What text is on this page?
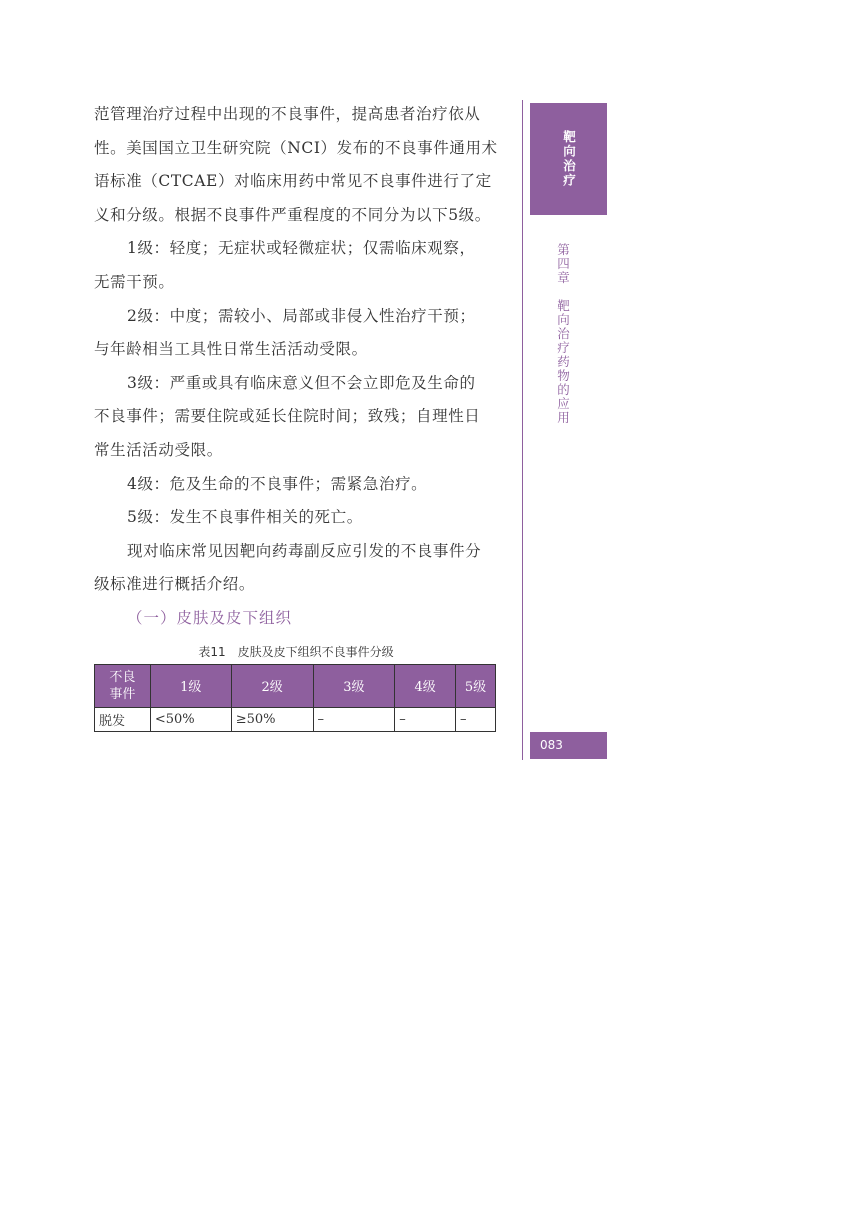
范管理治疗过程中出现的不良事件，提高患者治疗依从
性。美国国立卫生研究院（NCI）发布的不良事件通用术
语标准（CTCAE）对临床用药中常见不良事件进行了定
义和分级。根据不良事件严重程度的不同分为以下5级。
1级：轻度；无症状或轻微症状；仅需临床观察，
无需干预。
2级：中度；需较小、局部或非侵入性治疗干预；
与年龄相当工具性日常生活活动受限。
3级：严重或具有临床意义但不会立即危及生命的
不良事件；需要住院或延长住院时间；致残；自理性日
常生活活动受限。
4级：危及生命的不良事件；需紧急治疗。
5级：发生不良事件相关的死亡。
现对临床常见因靶向药毒副反应引发的不良事件分
级标准进行概括介绍。
（一）皮肤及皮下组织
表11　皮肤及皮下组织不良事件分级
不良
事件	1级	2级	3级	4级	5级
脱发	<50%	≥50%	–	–	–
靶向治疗
第四章　靶向治疗药物的应用
083
